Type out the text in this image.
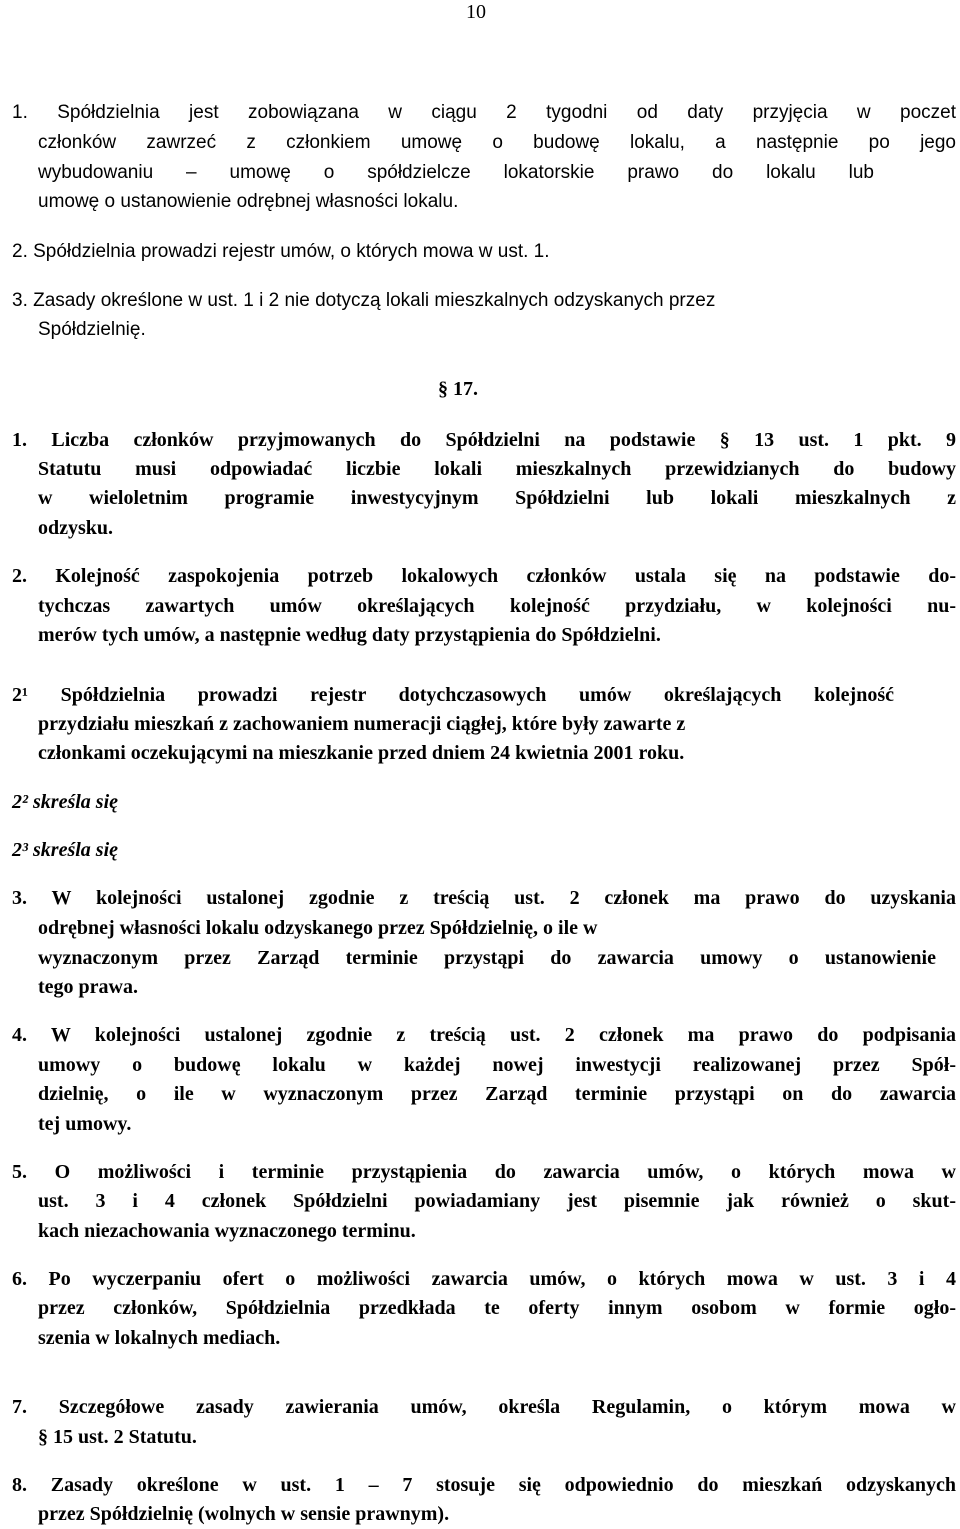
10
1. Spółdzielnia jest zobowiązana w ciągu 2 tygodni od daty przyjęcia w poczet
członków zawrzeć z członkiem umowę o budowę lokalu, a następnie po jego
wybudowaniu – umowę o spółdzielcze lokatorskie prawo do lokalu lub
umowę o ustanowienie odrębnej własności lokalu.
2. Spółdzielnia prowadzi rejestr umów, o których mowa w ust. 1.
3. Zasady określone w ust. 1 i 2 nie dotyczą lokali mieszkalnych odzyskanych przez
Spółdzielnię.
§ 17.
1. Liczba członków przyjmowanych do Spółdzielni na podstawie § 13 ust. 1 pkt. 9
Statutu musi odpowiadać liczbie lokali mieszkalnych przewidzianych do budowy
w wieloletnim programie inwestycyjnym Spółdzielni lub lokali mieszkalnych z
odzysku.
2. Kolejność zaspokojenia potrzeb lokalowych członków ustala się na podstawie do-
tychczas zawartych umów określających kolejność przydziału, w kolejności nu-
merów tych umów, a następnie według daty przystąpienia do Spółdzielni.
2¹ Spółdzielnia prowadzi rejestr dotychczasowych umów określających kolejność
przydziału mieszkań z zachowaniem numeracji ciągłej, które były zawarte z
członkami oczekującymi na mieszkanie przed dniem 24 kwietnia 2001 roku.
2² skreśla się
2³ skreśla się
3. W kolejności ustalonej zgodnie z treścią ust. 2 członek ma prawo do uzyskania
odrębnej własności lokalu odzyskanego przez Spółdzielnię, o ile w
wyznaczonym przez Zarząd terminie przystąpi do zawarcia umowy o ustanowienie
tego prawa.
4. W kolejności ustalonej zgodnie z treścią ust. 2 członek ma prawo do podpisania
umowy o budowę lokalu w każdej nowej inwestycji realizowanej przez Spół-
dzielnię, o ile w wyznaczonym przez Zarząd terminie przystąpi on do zawarcia
tej umowy.
5. O możliwości i terminie przystąpienia do zawarcia umów, o których mowa w
ust. 3 i 4 członek Spółdzielni powiadamiany jest pisemnie jak również o skut-
kach niezachowania wyznaczonego terminu.
6. Po wyczerpaniu ofert o możliwości zawarcia umów, o których mowa w ust. 3 i 4
przez członków, Spółdzielnia przedkłada te oferty innym osobom w formie ogło-
szenia w lokalnych mediach.
7. Szczegółowe zasady zawierania umów, określa Regulamin, o którym mowa w
§ 15 ust. 2 Statutu.
8. Zasady określone w ust. 1 – 7 stosuje się odpowiednio do mieszkań odzyskanych
przez Spółdzielnię (wolnych w sensie prawnym).
